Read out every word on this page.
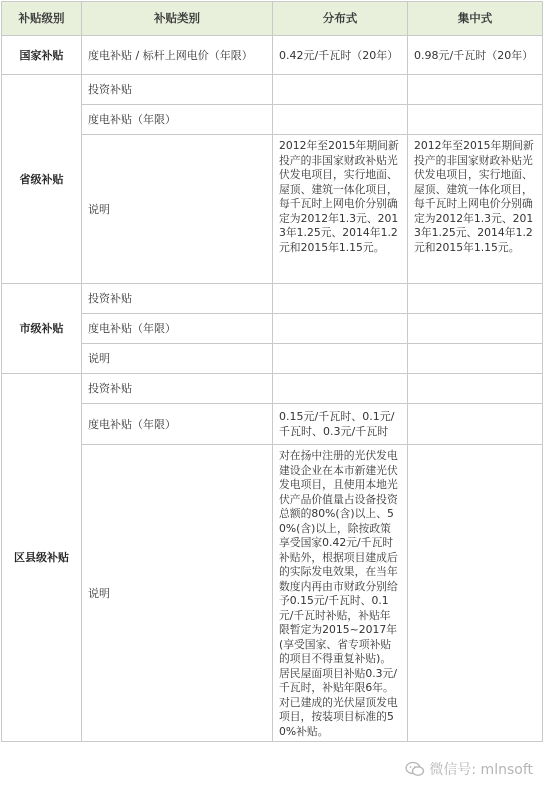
补贴级别	补贴类别	分布式	集中式
国家补贴	度电补贴 / 标杆上网电价（年限）	0.42元/千瓦时（20年）	0.98元/千瓦时（20年）
省级补贴	投资补贴		
	度电补贴（年限）		
	说明	2012年至2015年期间新投产的非国家财政补贴光伏发电项目，实行地面、屋顶、建筑一体化项目，每千瓦时上网电价分别确定为2012年1.3元、2013年1.25元、2014年1.2元和2015年1.15元。	2012年至2015年期间新投产的非国家财政补贴光伏发电项目，实行地面、屋顶、建筑一体化项目，每千瓦时上网电价分别确定为2012年1.3元、2013年1.25元、2014年1.2元和2015年1.15元。
市级补贴	投资补贴		
	度电补贴（年限）		
	说明		
区县级补贴	投资补贴		
	度电补贴（年限）	0.15元/千瓦时、0.1元/千瓦时、0.3元/千瓦时	
	说明	对在扬中注册的光伏发电建设企业在本市新建光伏发电项目，且使用本地光伏产品价值量占设备投资总额的80%(含)以上、50%(含)以上，除按政策享受国家0.42元/千瓦时补贴外，根据项目建成后的实际发电效果，在当年数度内再由市财政分别给予0.15元/千瓦时、0.1元/千瓦时补贴，补贴年限暂定为2015~2017年(享受国家、省专项补贴的项目不得重复补贴)。居民屋面项目补贴0.3元/千瓦时，补贴年限6年。对已建成的光伏屋顶发电项目，按装项目标准的50%补贴。	
微信号: mlnsoft
